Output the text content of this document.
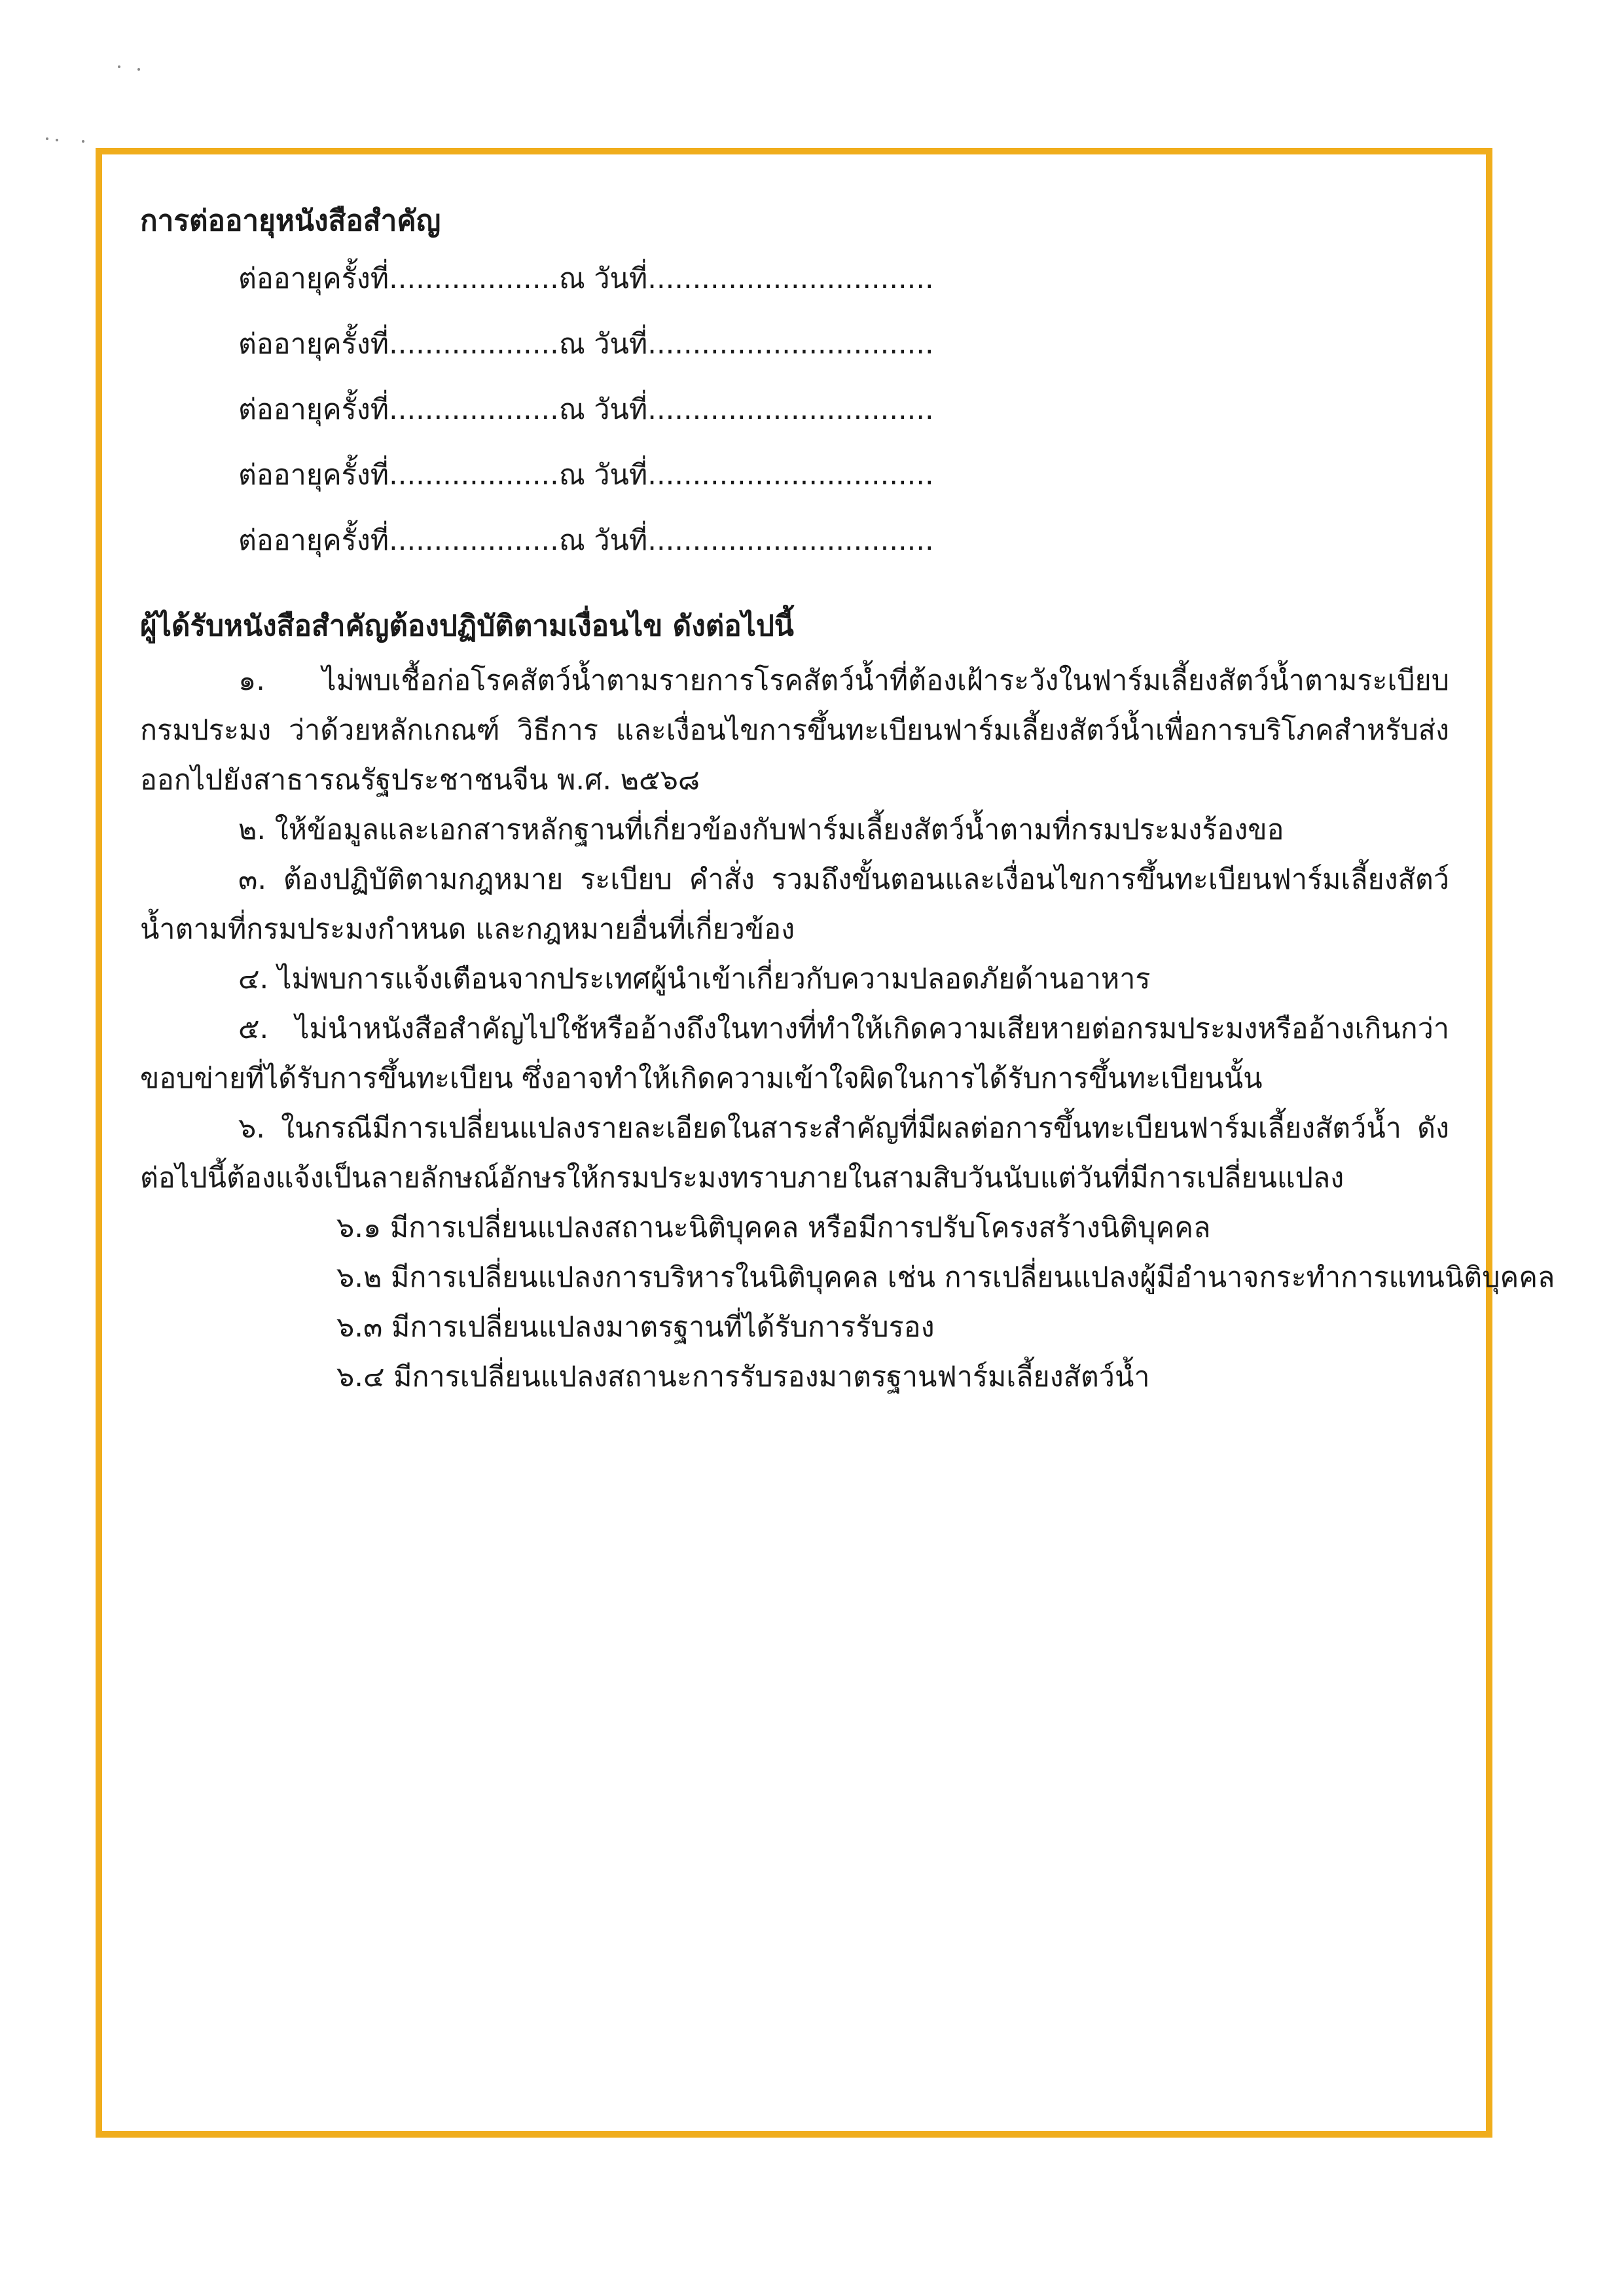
การต่ออายุหนังสือสำคัญ
ต่ออายุครั้งที่ ................... ณ วันที่ ................................
ต่ออายุครั้งที่ ................... ณ วันที่ ................................
ต่ออายุครั้งที่ ................... ณ วันที่ ................................
ต่ออายุครั้งที่ ................... ณ วันที่ ................................
ต่ออายุครั้งที่ ................... ณ วันที่ ................................
ผู้ได้รับหนังสือสำคัญต้องปฏิบัติตามเงื่อนไข ดังต่อไปนี้

๑. ไม่พบเชื้อก่อโรคสัตว์น้ำตามรายการโรคสัตว์น้ำที่ต้องเฝ้าระวังในฟาร์มเลี้ยงสัตว์น้ำตามระเบียบกรมประมง ว่าด้วยหลักเกณฑ์ วิธีการ และเงื่อนไขการขึ้นทะเบียนฟาร์มเลี้ยงสัตว์น้ำเพื่อการบริโภคสำหรับส่งออกไปยังสาธารณรัฐประชาชนจีน พ.ศ. ๒๕๖๘

๒. ให้ข้อมูลและเอกสารหลักฐานที่เกี่ยวข้องกับฟาร์มเลี้ยงสัตว์น้ำตามที่กรมประมงร้องขอ

๓. ต้องปฏิบัติตามกฎหมาย ระเบียบ คำสั่ง รวมถึงขั้นตอนและเงื่อนไขการขึ้นทะเบียนฟาร์มเลี้ยงสัตว์น้ำตามที่กรมประมงกำหนด และกฎหมายอื่นที่เกี่ยวข้อง

๔. ไม่พบการแจ้งเตือนจากประเทศผู้นำเข้าเกี่ยวกับความปลอดภัยด้านอาหาร

๕. ไม่นำหนังสือสำคัญไปใช้หรืออ้างถึงในทางที่ทำให้เกิดความเสียหายต่อกรมประมงหรืออ้างเกินกว่าขอบข่ายที่ได้รับการขึ้นทะเบียน ซึ่งอาจทำให้เกิดความเข้าใจผิดในการได้รับการขึ้นทะเบียนนั้น

๖. ในกรณีมีการเปลี่ยนแปลงรายละเอียดในสาระสำคัญที่มีผลต่อการขึ้นทะเบียนฟาร์มเลี้ยงสัตว์น้ำ ดังต่อไปนี้ต้องแจ้งเป็นลายลักษณ์อักษรให้กรมประมงทราบภายในสามสิบวันนับแต่วันที่มีการเปลี่ยนแปลง

๖.๑ มีการเปลี่ยนแปลงสถานะนิติบุคคล หรือมีการปรับโครงสร้างนิติบุคคล

๖.๒ มีการเปลี่ยนแปลงการบริหารในนิติบุคคล เช่น การเปลี่ยนแปลงผู้มีอำนาจกระทำการแทนนิติบุคคล

๖.๓ มีการเปลี่ยนแปลงมาตรฐานที่ได้รับการรับรอง

๖.๔ มีการเปลี่ยนแปลงสถานะการรับรองมาตรฐานฟาร์มเลี้ยงสัตว์น้ำ
